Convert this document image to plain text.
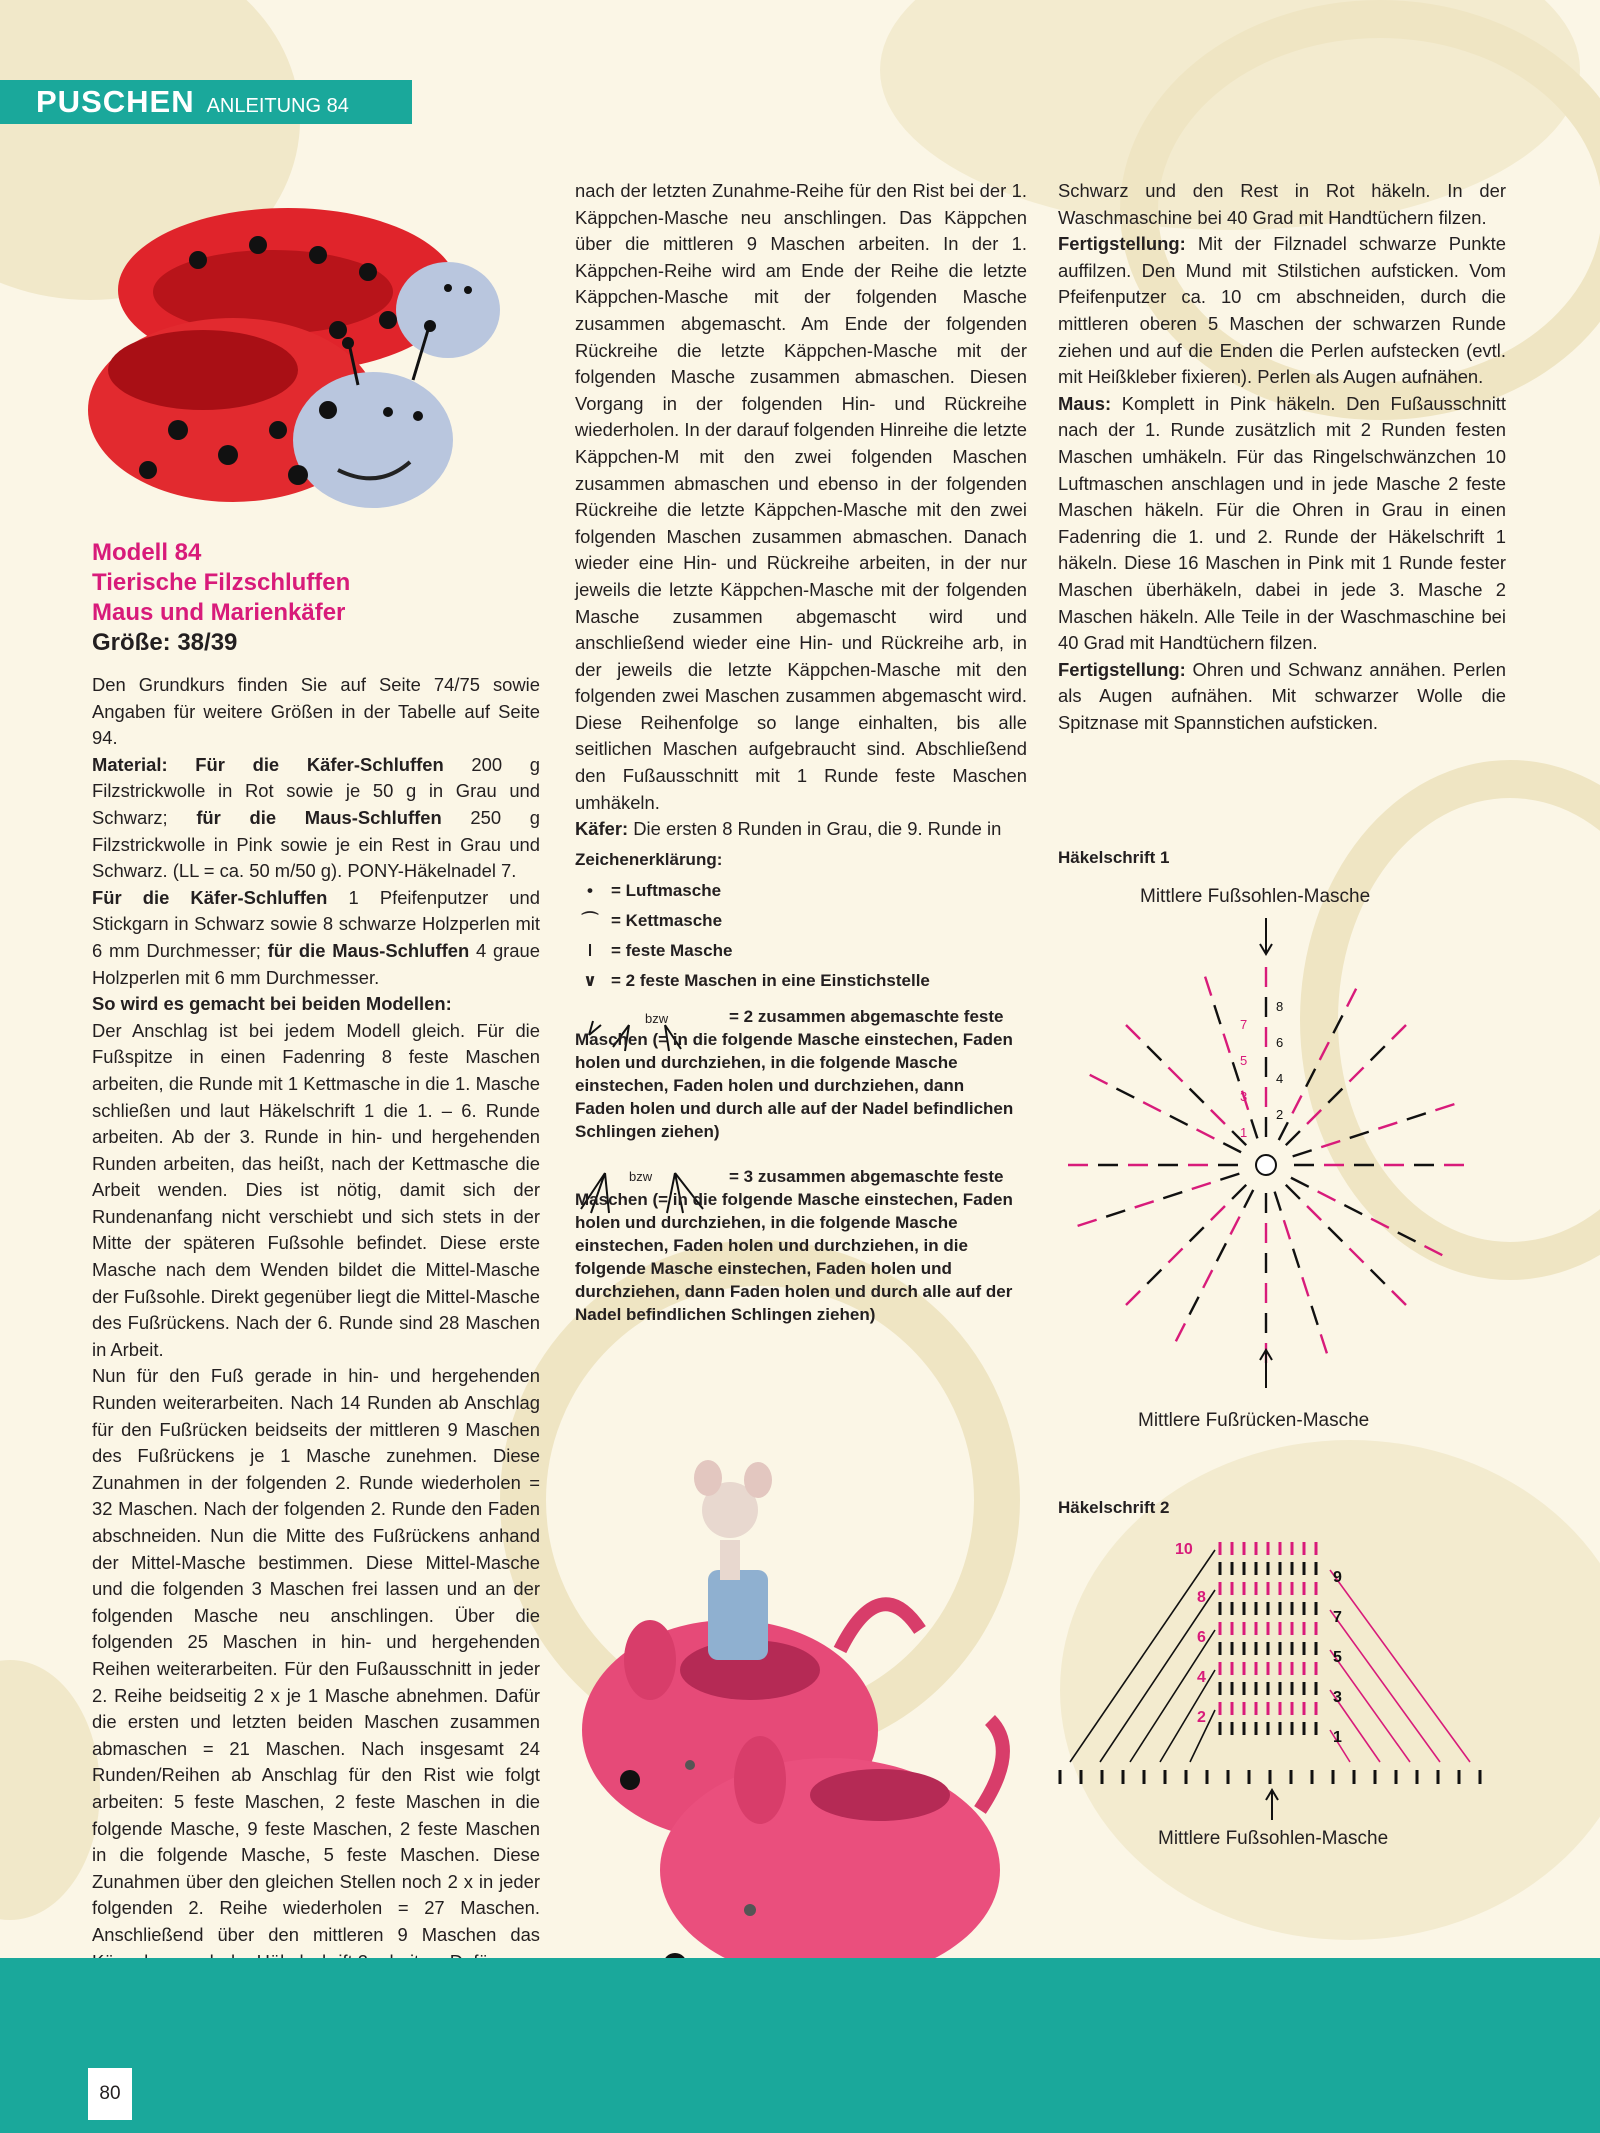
PUSCHEN ANLEITUNG 84
Modell 84
Tierische Filzschluffen
Maus und Marienkäfer
Größe: 38/39

Den Grundkurs finden Sie auf Seite 74/75 sowie Angaben für weitere Größen in der Tabelle auf Seite 94.

Material: Für die Käfer-Schluffen 200 g Filzstrickwolle in Rot sowie je 50 g in Grau und Schwarz; für die Maus-Schluffen 250 g Filzstrickwolle in Pink sowie je ein Rest in Grau und Schwarz. (LL = ca. 50 m/50 g). PONY-Häkelnadel 7.

Für die Käfer-Schluffen 1 Pfeifenputzer und Stickgarn in Schwarz sowie 8 schwarze Holzperlen mit 6 mm Durchmesser; für die Maus-Schluffen 4 graue Holzperlen mit 6 mm Durchmesser.

So wird es gemacht bei beiden Modellen:

Der Anschlag ist bei jedem Modell gleich. Für die Fußspitze in einen Fadenring 8 feste Maschen arbeiten, die Runde mit 1 Kettmasche in die 1. Masche schließen und laut Häkelschrift 1 die 1. – 6. Runde arbeiten. Ab der 3. Runde in hin- und hergehenden Runden arbeiten, das heißt, nach der Kettmasche die Arbeit wenden. Dies ist nötig, damit sich der Rundenanfang nicht verschiebt und sich stets in der Mitte der späteren Fußsohle befindet. Diese erste Masche nach dem Wenden bildet die Mittel-Masche der Fußsohle. Direkt gegenüber liegt die Mittel-Masche des Fußrückens. Nach der 6. Runde sind 28 Maschen in Arbeit.

Nun für den Fuß gerade in hin- und hergehenden Runden weiterarbeiten. Nach 14 Runden ab Anschlag für den Fußrücken beidseits der mittleren 9 Maschen des Fußrückens je 1 Masche zunehmen. Diese Zunahmen in der folgenden 2. Runde wiederholen = 32 Maschen. Nach der folgenden 2. Runde den Faden abschneiden. Nun die Mitte des Fußrückens anhand der Mittel-Masche bestimmen. Diese Mittel-Masche und die folgenden 3 Maschen frei lassen und an der folgenden Masche neu anschlingen. Über die folgenden 25 Maschen in hin- und hergehenden Reihen weiterarbeiten. Für den Fußausschnitt in jeder 2. Reihe beidseitig 2 x je 1 Masche abnehmen. Dafür die ersten und letzten beiden Maschen zusammen abmaschen = 21 Maschen. Nach insgesamt 24 Runden/Reihen ab Anschlag für den Rist wie folgt arbeiten: 5 feste Maschen, 2 feste Maschen in die folgende Masche, 9 feste Maschen, 2 feste Maschen in die folgende Masche, 5 feste Maschen. Diese Zunahmen über den gleichen Stellen noch 2 x in jeder folgenden 2. Reihe wiederholen = 27 Maschen. Anschließend über den mittleren 9 Maschen das

nach der letzten Zunahme-Reihe für den Rist bei der 1. Käppchen-Masche neu anschlingen. Das Käppchen über die mittleren 9 Maschen arbeiten. In der 1. Käppchen-Reihe wird am Ende der Reihe die letzte Käppchen-Masche mit der folgenden Masche zusammen abgemascht. Am Ende der folgenden Rückreihe die letzte Käppchen-Masche mit der folgenden Masche zusammen abmaschen. Diesen Vorgang in der folgenden Hin- und Rückreihe wiederholen. In der darauf folgenden Hinreihe die letzte Käppchen-M mit den zwei folgenden Maschen zusammen abmaschen und ebenso in der folgenden Rückreihe die letzte Käppchen-Masche mit den zwei folgenden Maschen zusammen abmaschen. Danach wieder eine Hin- und Rückreihe arbeiten, in der nur jeweils die letzte Käppchen-Masche mit der folgenden Masche zusammen abgemascht wird und anschließend wieder eine Hin- und Rückreihe arb, in der jeweils die letzte Käppchen-Masche mit den folgenden zwei Maschen zusammen abgemascht wird. Diese Reihenfolge so lange einhalten, bis alle seitlichen Maschen aufgebraucht sind. Abschließend den Fußausschnitt mit 1 Runde feste Maschen umhäkeln.

Käfer: Die ersten 8 Runden in Grau, die 9. Runde in

Schwarz und den Rest in Rot häkeln. In der Waschmaschine bei 40 Grad mit Handtüchern filzen.

Fertigstellung: Mit der Filznadel schwarze Punkte auffilzen. Den Mund mit Stilstichen aufsticken. Vom Pfeifenputzer ca. 10 cm abschneiden, durch die mittleren oberen 5 Maschen der schwarzen Runde ziehen und auf die Enden die Perlen aufstecken (evtl. mit Heißkleber fixieren). Perlen als Augen aufnähen.

Maus: Komplett in Pink häkeln. Den Fußausschnitt nach der 1. Runde zusätzlich mit 2 Runden festen Maschen umhäkeln. Für das Ringelschwänzchen 10 Luftmaschen anschlagen und in jede Masche 2 feste Maschen häkeln. Für die Ohren in Grau in einen Fadenring die 1. und 2. Runde der Häkelschrift 1 häkeln. Diese 16 Maschen in Pink mit 1 Runde fester Maschen überhäkeln, dabei in jede 3. Masche 2 Maschen häkeln. Alle Teile in der Waschmaschine bei 40 Grad mit Handtüchern filzen.

Fertigstellung: Ohren und Schwanz annähen. Perlen als Augen aufnähen. Mit schwarzer Wolle die Spitznase mit Spannstichen aufsticken.

Zeichenerklärung:
•	= Luftmasche
⌒ = Kettmasche
ǀ	= feste Masche
∨ = 2 feste Maschen in eine Einstichstelle
bzw	= 2 zusammen abgemaschte feste Maschen (= in die folgende Masche einstechen, Faden holen und durchziehen, in die folgende Masche einstechen, Faden holen und durchziehen, dann Faden holen und durch alle auf der Nadel befindlichen Schlingen ziehen)
bzw	= 3 zusammen abgemaschte feste Maschen (= in die folgende Masche einstechen, Faden holen und durchziehen, in die folgende Masche einstechen, Faden holen und durchziehen, in die folgende Masche einstechen, Faden holen und durchziehen, dann Faden holen und durch alle auf der Nadel befindlichen Schlingen ziehen)
Häkelschrift 1
Mittlere Fußsohlen-Masche
1
2
3
4
5
6
7
8
Mittlere Fußrücken-Masche
Häkelschrift 2
10
8
6
4
2
9
7
5
3
1
Mittlere Fußsohlen-Masche
80
